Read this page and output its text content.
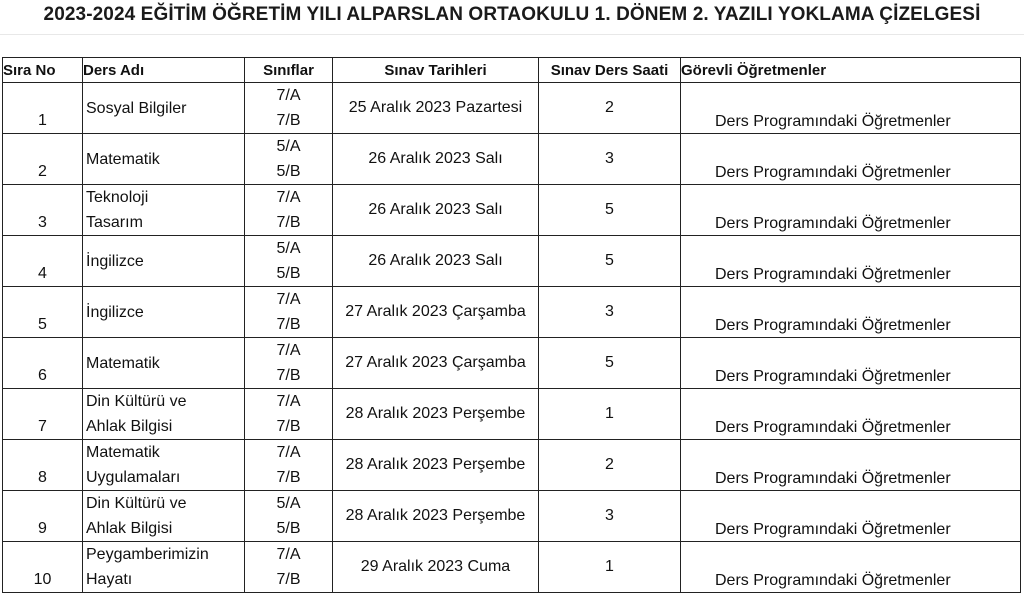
2023-2024 EĞİTİM ÖĞRETİM YILI ALPARSLAN ORTAOKULU 1. DÖNEM 2. YAZILI YOKLAMA ÇİZELGESİ
Sıra No	Ders Adı	Sınıflar	Sınav Tarihleri	Sınav Ders Saati	Görevli Öğretmenler

1	Sosyal Bilgiler	7/A
7/B	25 Aralık 2023 Pazartesi	2	Ders Programındaki Öğretmenler

2	Matematik	5/A
5/B	26 Aralık 2023 Salı	3	Ders Programındaki Öğretmenler

3	Teknoloji
Tasarım	7/A
7/B	26 Aralık 2023 Salı	5	Ders Programındaki Öğretmenler

4	İngilizce	5/A
5/B	26 Aralık 2023 Salı	5	Ders Programındaki Öğretmenler

5	İngilizce	7/A
7/B	27 Aralık 2023 Çarşamba	3	Ders Programındaki Öğretmenler

6	Matematik	7/A
7/B	27 Aralık 2023 Çarşamba	5	Ders Programındaki Öğretmenler

7	Din Kültürü ve
Ahlak Bilgisi	7/A
7/B	28 Aralık 2023 Perşembe	1	Ders Programındaki Öğretmenler

8	Matematik
Uygulamaları	7/A
7/B	28 Aralık 2023 Perşembe	2	Ders Programındaki Öğretmenler

9	Din Kültürü ve
Ahlak Bilgisi	5/A
5/B	28 Aralık 2023 Perşembe	3	Ders Programındaki Öğretmenler

10	Peygamberimizin
Hayatı	7/A
7/B	29 Aralık 2023 Cuma	1	Ders Programındaki Öğretmenler
